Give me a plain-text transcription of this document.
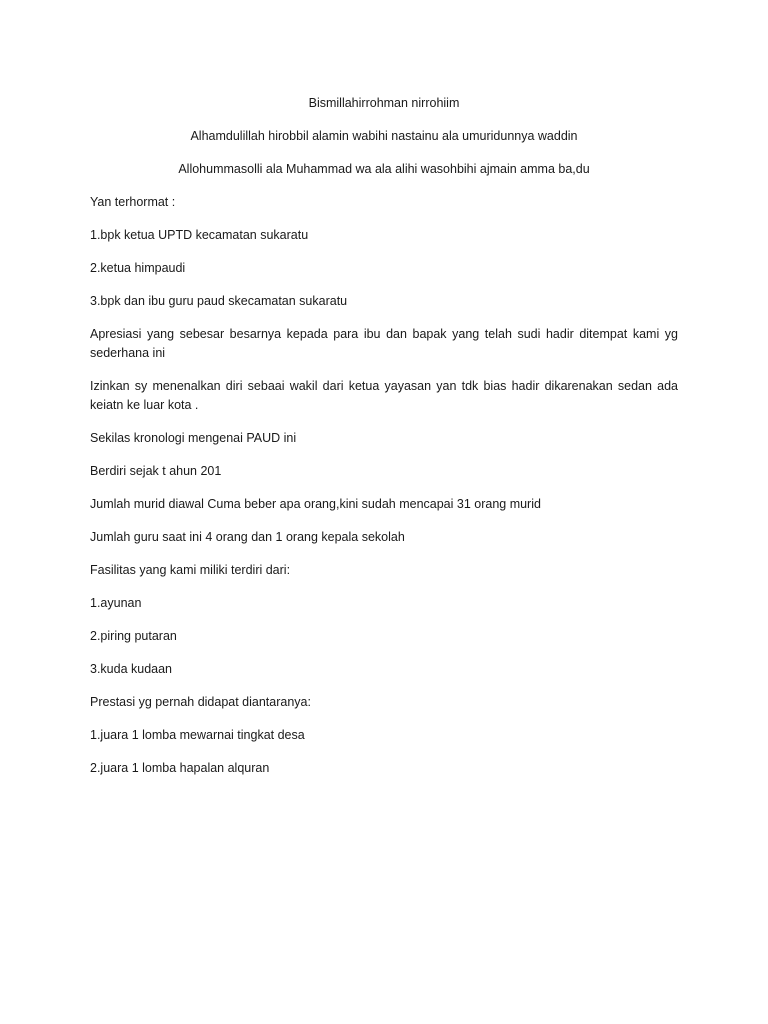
Bismillahirrohman nirrohiim

Alhamdulillah hirobbil alamin wabihi nastainu ala umuridunnya waddin

Allohummasolli ala Muhammad wa ala alihi wasohbihi ajmain amma ba,du

Yan terhormat :

1.bpk ketua UPTD kecamatan sukaratu

2.ketua himpaudi

3.bpk dan ibu guru paud skecamatan sukaratu

Apresiasi yang sebesar besarnya kepada para ibu dan bapak yang telah sudi hadir ditempat kami yg sederhana ini

Izinkan sy menenalkan diri sebaai wakil dari ketua yayasan yan tdk bias hadir dikarenakan sedan ada keiatn ke luar kota .

Sekilas kronologi mengenai PAUD ini

Berdiri sejak t ahun 201

Jumlah murid diawal Cuma beber apa orang,kini sudah mencapai 31 orang murid

Jumlah guru saat ini 4 orang dan 1 orang kepala sekolah

Fasilitas yang kami miliki terdiri dari:

1.ayunan

2.piring putaran

3.kuda kudaan

Prestasi yg pernah didapat diantaranya:

1.juara 1 lomba mewarnai tingkat desa

2.juara 1 lomba hapalan alquran
